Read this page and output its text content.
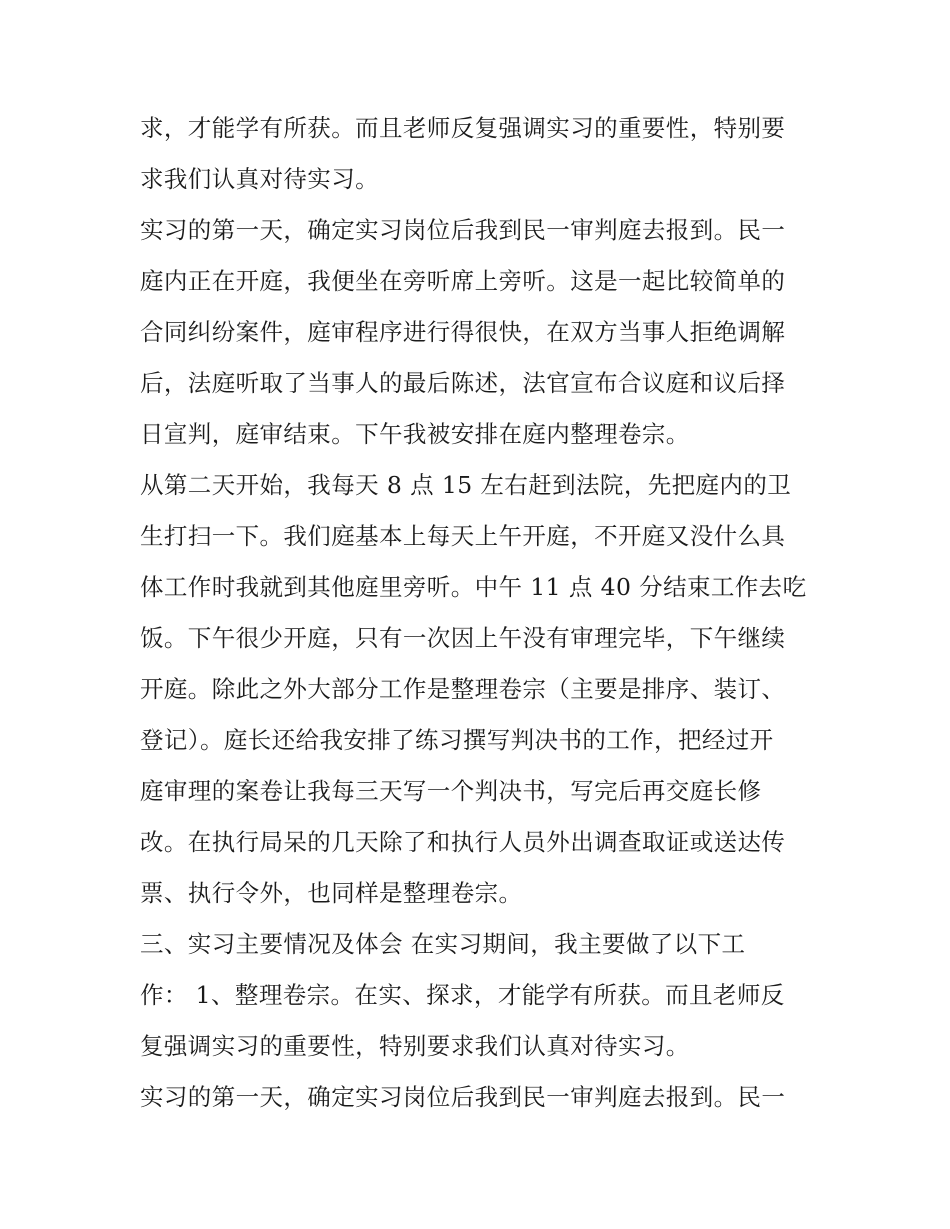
求，才能学有所获。而且老师反复强调实习的重要性，特别要
求我们认真对待实习。
实习的第一天，确定实习岗位后我到民一审判庭去报到。民一
庭内正在开庭，我便坐在旁听席上旁听。这是一起比较简单的
合同纠纷案件，庭审程序进行得很快，在双方当事人拒绝调解
后，法庭听取了当事人的最后陈述，法官宣布合议庭和议后择
日宣判，庭审结束。下午我被安排在庭内整理卷宗。
从第二天开始，我每天 8 点 15 左右赶到法院，先把庭内的卫
生打扫一下。我们庭基本上每天上午开庭，不开庭又没什么具
体工作时我就到其他庭里旁听。中午 11 点 40 分结束工作去吃
饭。下午很少开庭，只有一次因上午没有审理完毕，下午继续
开庭。除此之外大部分工作是整理卷宗（主要是排序、装订、
登记）。庭长还给我安排了练习撰写判决书的工作，把经过开
庭审理的案卷让我每三天写一个判决书，写完后再交庭长修
改。在执行局呆的几天除了和执行人员外出调查取证或送达传
票、执行令外，也同样是整理卷宗。
三、实习主要情况及体会 在实习期间，我主要做了以下工
作： 1、整理卷宗。在实、探求，才能学有所获。而且老师反
复强调实习的重要性，特别要求我们认真对待实习。
实习的第一天，确定实习岗位后我到民一审判庭去报到。民一
